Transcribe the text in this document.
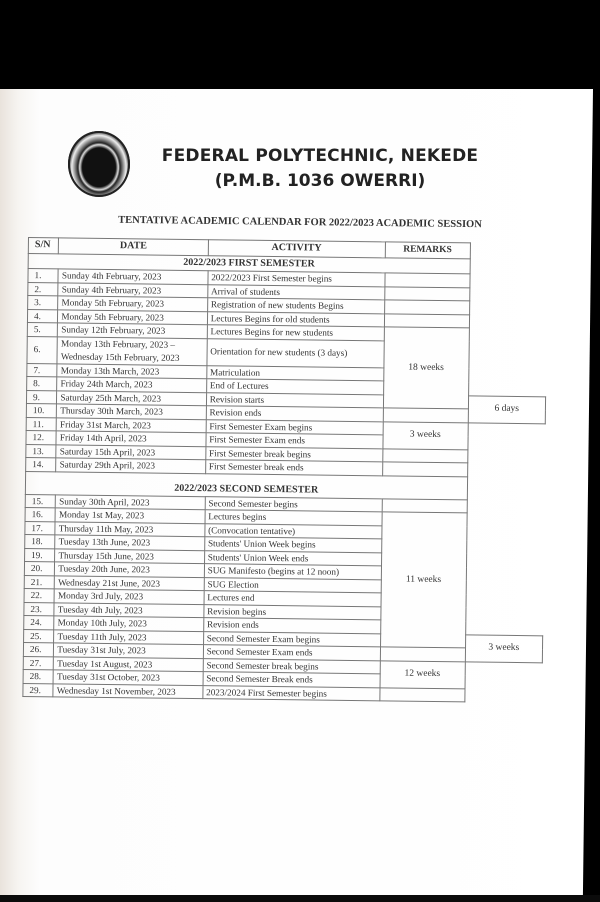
FEDERAL POLYTECHNIC, NEKEDE
(P.M.B. 1036 OWERRI)
TENTATIVE ACADEMIC CALENDAR FOR 2022/2023 ACADEMIC SESSION
S/N	DATE	ACTIVITY	REMARKS	
2022/2023 FIRST SEMESTER				
1.	Sunday 4th February, 2023	2022/2023 First Semester begins		
2.	Sunday 4th February, 2023	Arrival of students		
3.	Monday 5th February, 2023	Registration of new students Begins		
4.	Monday 5th February, 2023	Lectures Begins for old students		
5.	Sunday 12th February, 2023	Lectures Begins for new students	18 weeks	
6.	Monday 13th February, 2023 – Wednesday 15th February, 2023	Orientation for new students (3 days)		
7.	Monday 13th March, 2023	Matriculation		
8.	Friday 24th March, 2023	End of Lectures		
9.	Saturday 25th March, 2023	Revision starts		6 days
10.	Thursday 30th March, 2023	Revision ends		
11.	Friday 31st March, 2023	First Semester Exam begins	3 weeks	
12.	Friday 14th April, 2023	First Semester Exam ends		
13.	Saturday 15th April, 2023	First Semester break begins		
14.	Saturday 29th April, 2023	First Semester break ends		
2022/2023 SECOND SEMESTER				
15.	Sunday 30th April, 2023	Second Semester begins		
16.	Monday 1st May, 2023	Lectures begins	11 weeks	
17.	Thursday 11th May, 2023	(Convocation tentative)		
18.	Tuesday 13th June, 2023	Students' Union Week begins		
19.	Thursday 15th June, 2023	Students' Union Week ends		
20.	Tuesday 20th June, 2023	SUG Manifesto (begins at 12 noon)		
21.	Wednesday 21st June, 2023	SUG Election		
22.	Monday 3rd July, 2023	Lectures end		
23.	Tuesday 4th July, 2023	Revision begins		
24.	Monday 10th July, 2023	Revision ends		
25.	Tuesday 11th July, 2023	Second Semester Exam begins		3 weeks
26.	Tuesday 31st July, 2023	Second Semester Exam ends		
27.	Tuesday 1st August, 2023	Second Semester break begins	12 weeks	
28.	Tuesday 31st October, 2023	Second Semester Break ends		
29.	Wednesday 1st November, 2023	2023/2024 First Semester begins		
